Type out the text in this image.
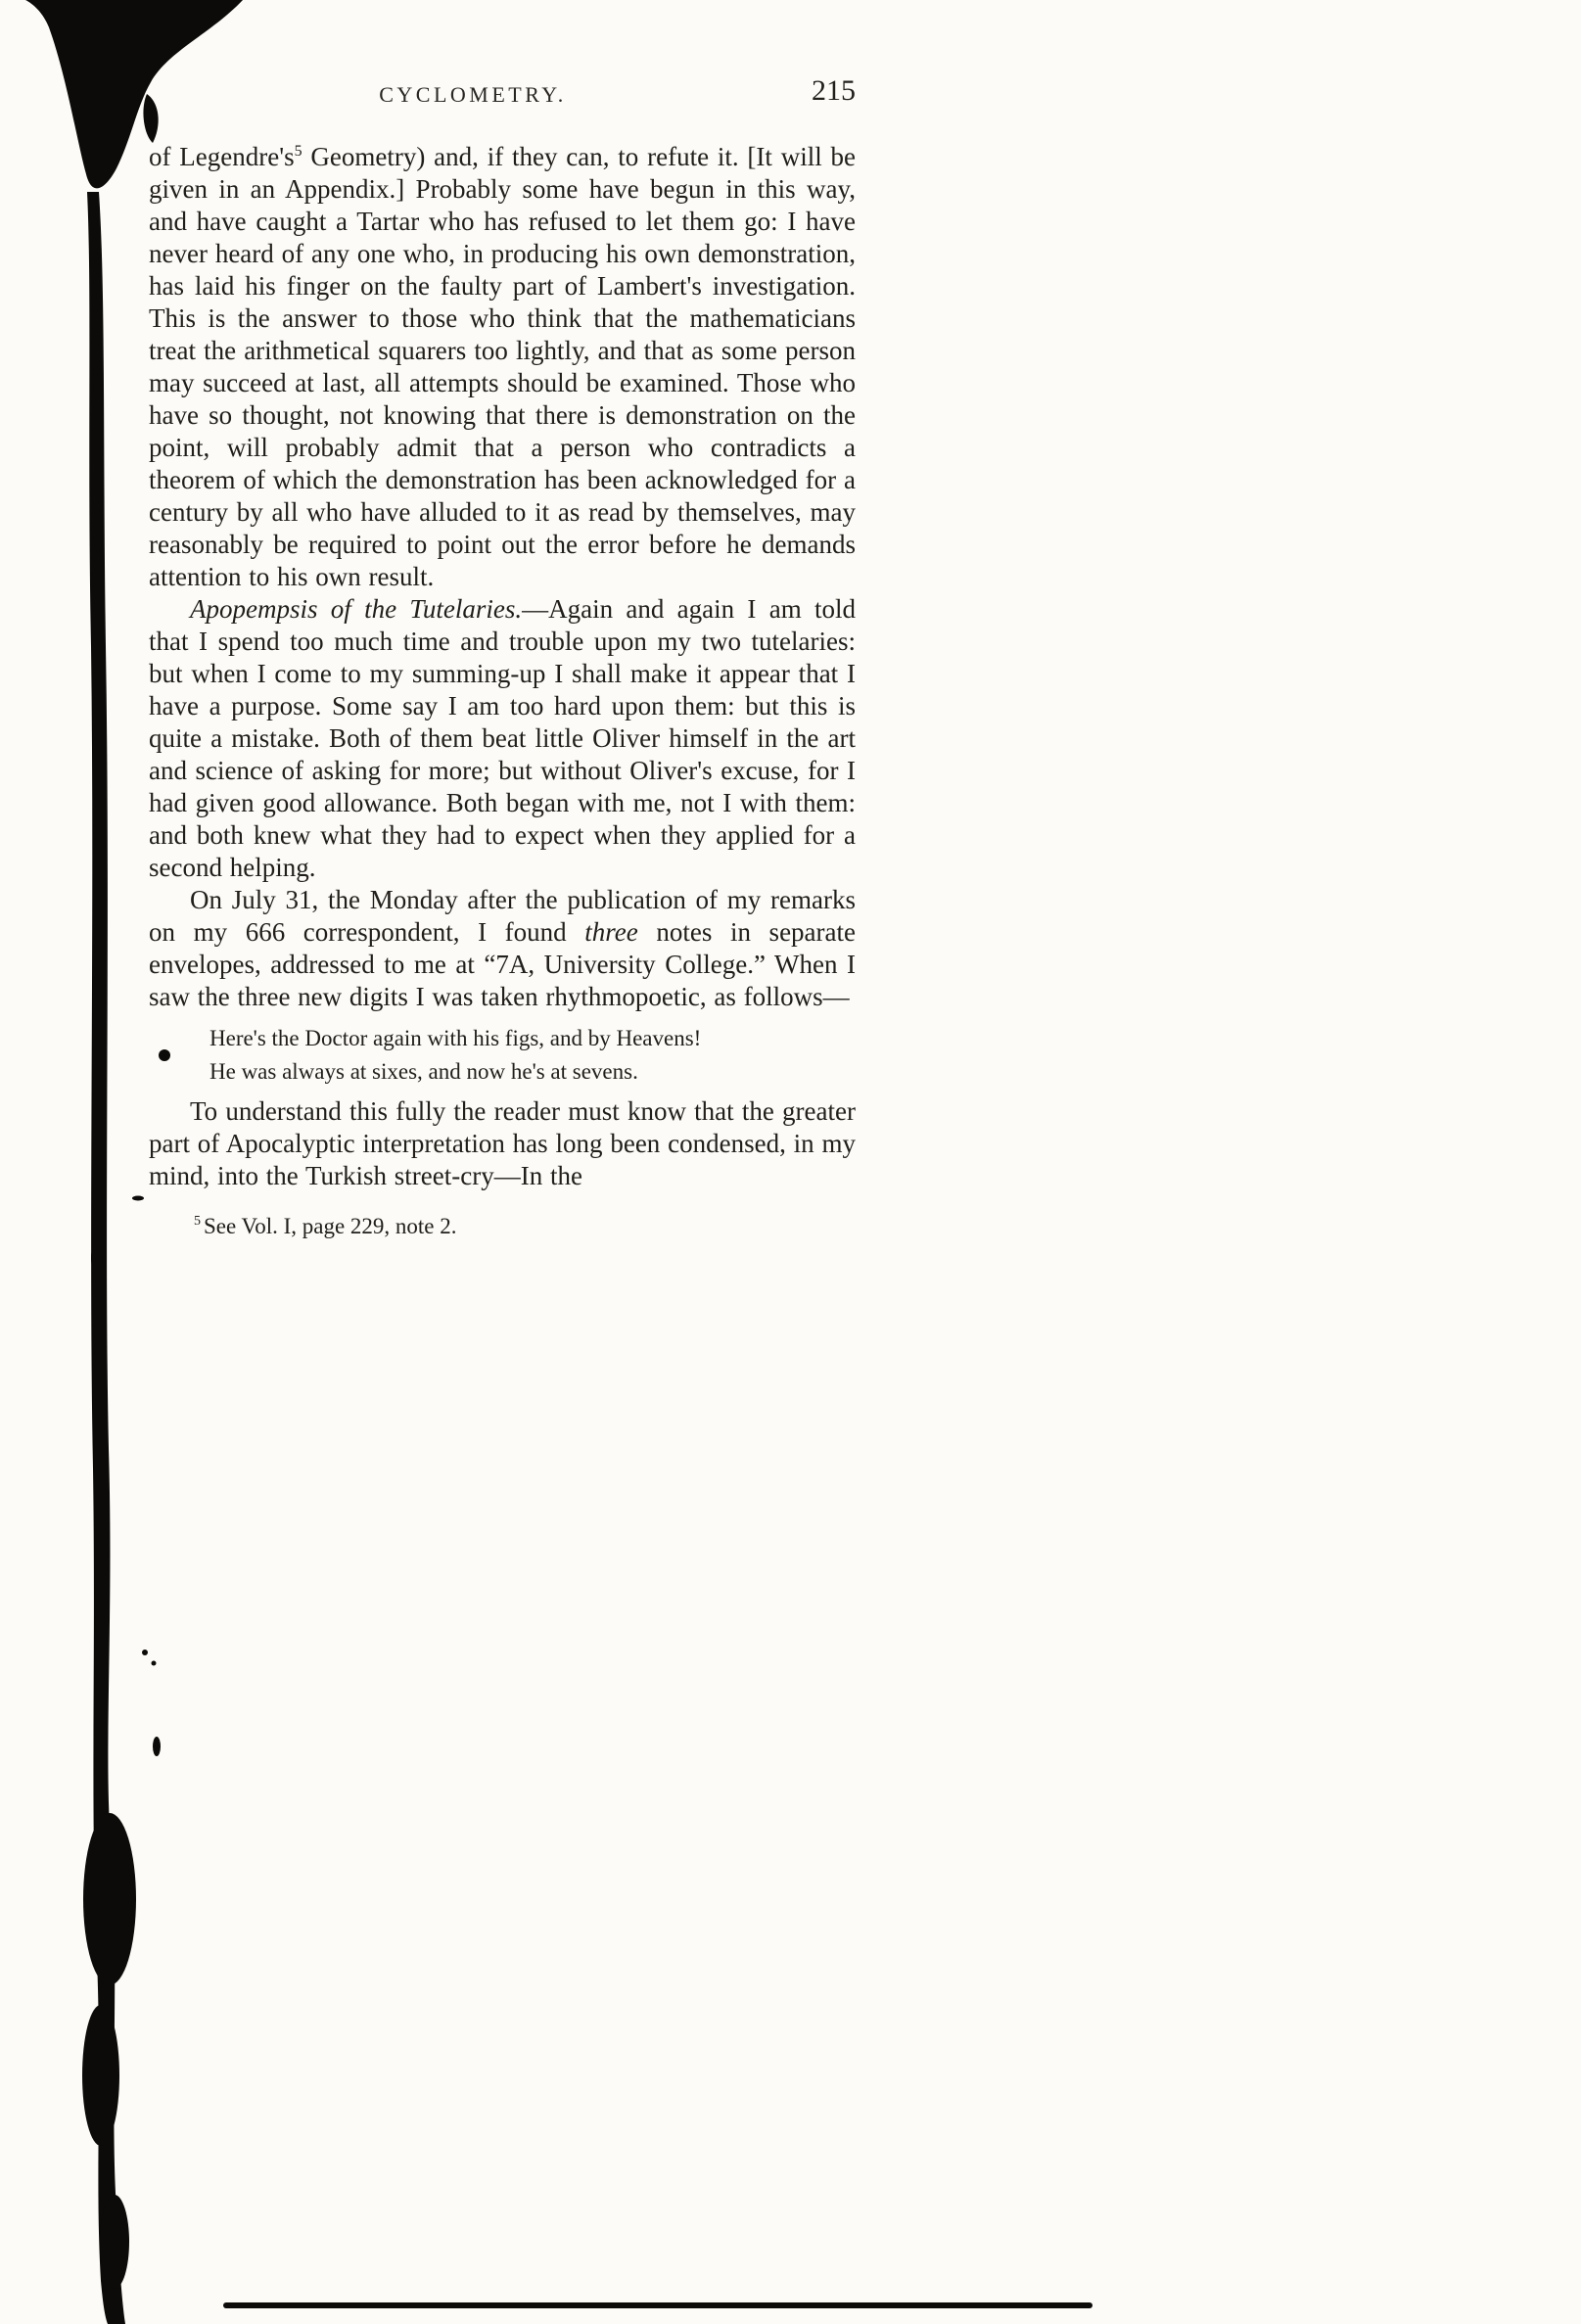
CYCLOMETRY.	215

of Legendre's$^5$ Geometry) and, if they can, to refute it. [It will be given in an Appendix.] Probably some have begun in this way, and have caught a Tartar who has refused to let them go: I have never heard of any one who, in producing his own demonstration, has laid his finger on the faulty part of Lambert's investigation. This is the answer to those who think that the mathematicians treat the arithmetical squarers too lightly, and that as some person may succeed at last, all attempts should be examined. Those who have so thought, not knowing that there is demonstration on the point, will probably admit that a person who contradicts a theorem of which the demonstration has been acknowledged for a century by all who have alluded to it as read by themselves, may reasonably be required to point out the error before he demands attention to his own result.

Apopempsis of the Tutelaries.—Again and again I am told that I spend too much time and trouble upon my two tutelaries: but when I come to my summing-up I shall make it appear that I have a purpose. Some say I am too hard upon them: but this is quite a mistake. Both of them beat little Oliver himself in the art and science of asking for more; but without Oliver's excuse, for I had given good allowance. Both began with me, not I with them: and both knew what they had to expect when they applied for a second helping.

On July 31, the Monday after the publication of my remarks on my 666 correspondent, I found three notes in separate envelopes, addressed to me at “7A, University College.” When I saw the three new digits I was taken rhythmopoetic, as follows—

Here's the Doctor again with his figs, and by Heavens!
He was always at sixes, and now he's at sevens.

To understand this fully the reader must know that the greater part of Apocalyptic interpretation has long been condensed, in my mind, into the Turkish street-cry—In the

$^5$ See Vol. I, page 229, note 2.
